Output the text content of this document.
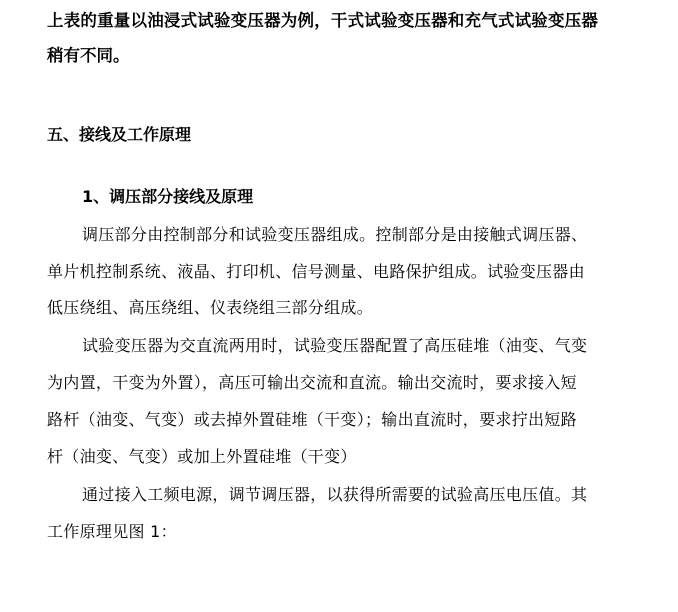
上表的重量以油浸式试验变压器为例，干式试验变压器和充气式试验变压器
稍有不同。
五、接线及工作原理
1、调压部分接线及原理
调压部分由控制部分和试验变压器组成。控制部分是由接触式调压器、
单片机控制系统、液晶、打印机、信号测量、电路保护组成。试验变压器由
低压绕组、高压绕组、仪表绕组三部分组成。
试验变压器为交直流两用时，试验变压器配置了高压硅堆（油变、气变
为内置，干变为外置），高压可输出交流和直流。输出交流时，要求接入短
路杆（油变、气变）或去掉外置硅堆（干变）；输出直流时，要求拧出短路
杆（油变、气变）或加上外置硅堆（干变）
通过接入工频电源，调节调压器，以获得所需要的试验高压电压值。其
工作原理见图 1：
